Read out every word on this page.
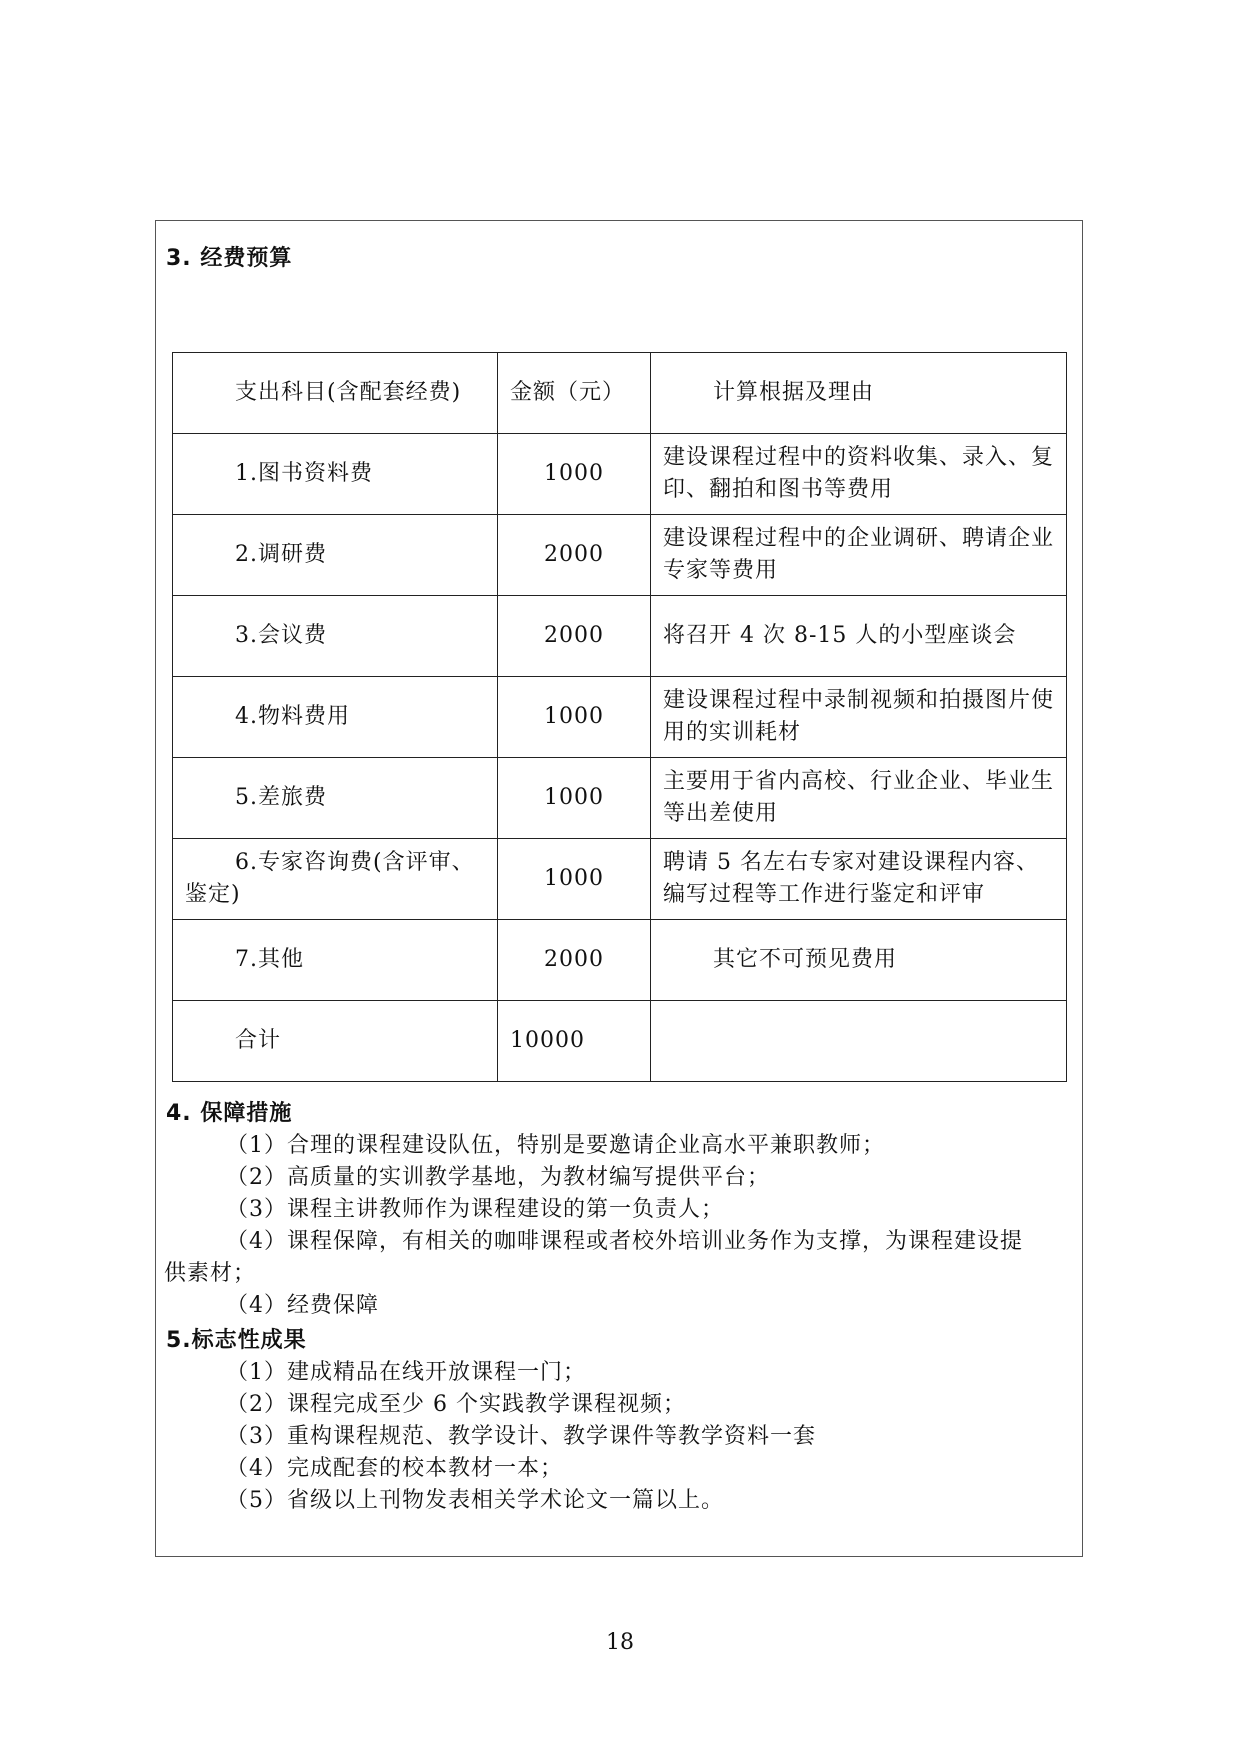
3. 经费预算
支出科目(含配套经费)	金额（元）	计算根据及理由
1.图书资料费	1000	建设课程过程中的资料收集、录入、复印、翻拍和图书等费用
2.调研费	2000	建设课程过程中的企业调研、聘请企业专家等费用
3.会议费	2000	将召开 4 次 8-15 人的小型座谈会
4.物料费用	1000	建设课程过程中录制视频和拍摄图片使用的实训耗材
5.差旅费	1000	主要用于省内高校、行业企业、毕业生等出差使用
6.专家咨询费(含评审、鉴定)	1000	聘请 5 名左右专家对建设课程内容、编写过程等工作进行鉴定和评审
7.其他	2000	其它不可预见费用
合计	10000	
4. 保障措施
（1）合理的课程建设队伍，特别是要邀请企业高水平兼职教师；
（2）高质量的实训教学基地，为教材编写提供平台；
（3）课程主讲教师作为课程建设的第一负责人；
（4）课程保障，有相关的咖啡课程或者校外培训业务作为支撑，为课程建设提
供素材；
（4）经费保障
5.标志性成果
（1）建成精品在线开放课程一门；
（2）课程完成至少 6 个实践教学课程视频；
（3）重构课程规范、教学设计、教学课件等教学资料一套
（4）完成配套的校本教材一本；
（5）省级以上刊物发表相关学术论文一篇以上。
18
